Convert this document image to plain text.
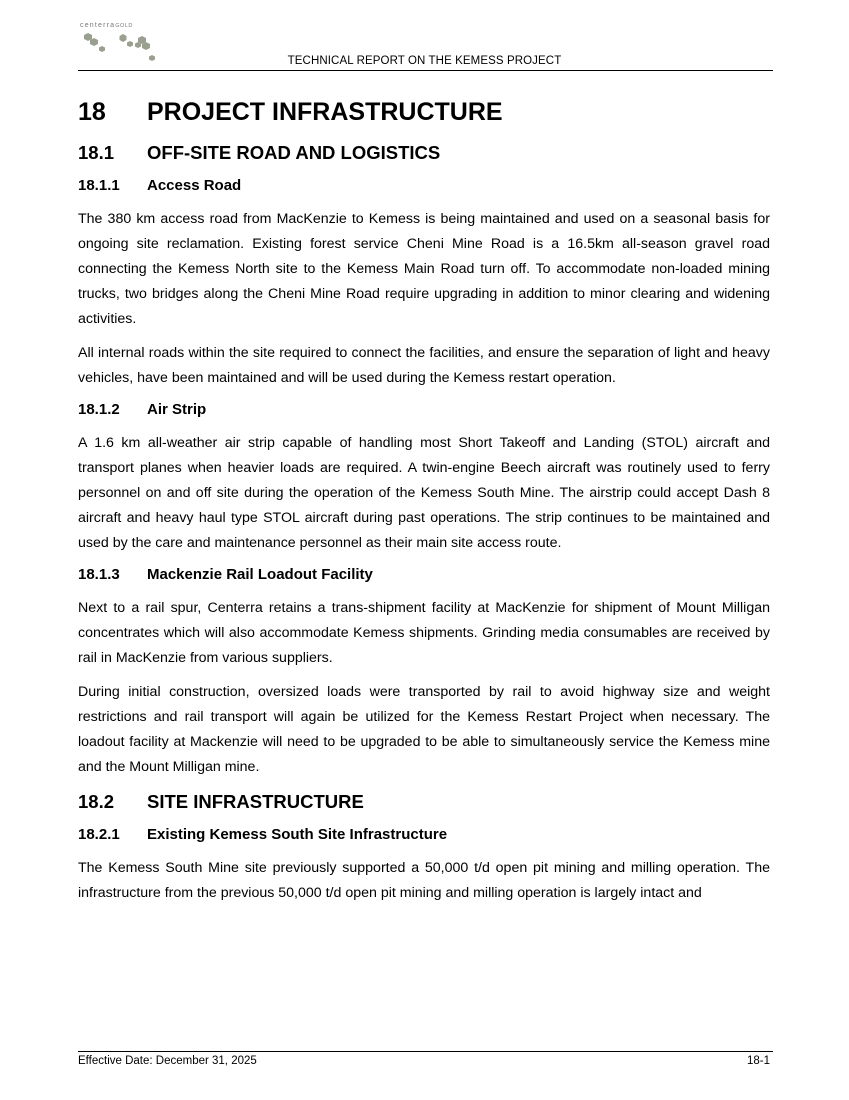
centerraGOLD
TECHNICAL REPORT ON THE KEMESS PROJECT
18	PROJECT INFRASTRUCTURE
18.1	OFF-SITE ROAD AND LOGISTICS
18.1.1	Access Road

The 380 km access road from MacKenzie to Kemess is being maintained and used on a seasonal basis for ongoing site reclamation. Existing forest service Cheni Mine Road is a 16.5km all-season gravel road connecting the Kemess North site to the Kemess Main Road turn off. To accommodate non-loaded mining trucks, two bridges along the Cheni Mine Road require upgrading in addition to minor clearing and widening activities.

All internal roads within the site required to connect the facilities, and ensure the separation of light and heavy vehicles, have been maintained and will be used during the Kemess restart operation.

18.1.2	Air Strip

A 1.6 km all-weather air strip capable of handling most Short Takeoff and Landing (STOL) aircraft and transport planes when heavier loads are required. A twin-engine Beech aircraft was routinely used to ferry personnel on and off site during the operation of the Kemess South Mine. The airstrip could accept Dash 8 aircraft and heavy haul type STOL aircraft during past operations. The strip continues to be maintained and used by the care and maintenance personnel as their main site access route.

18.1.3	Mackenzie Rail Loadout Facility

Next to a rail spur, Centerra retains a trans-shipment facility at MacKenzie for shipment of Mount Milligan concentrates which will also accommodate Kemess shipments. Grinding media consumables are received by rail in MacKenzie from various suppliers.

During initial construction, oversized loads were transported by rail to avoid highway size and weight restrictions and rail transport will again be utilized for the Kemess Restart Project when necessary. The loadout facility at Mackenzie will need to be upgraded to be able to simultaneously service the Kemess mine and the Mount Milligan mine.

18.2	SITE INFRASTRUCTURE
18.2.1	Existing Kemess South Site Infrastructure

The Kemess South Mine site previously supported a 50,000 t/d open pit mining and milling operation. The infrastructure from the previous 50,000 t/d open pit mining and milling operation is largely intact and

Effective Date: December 31, 2025	18-1
